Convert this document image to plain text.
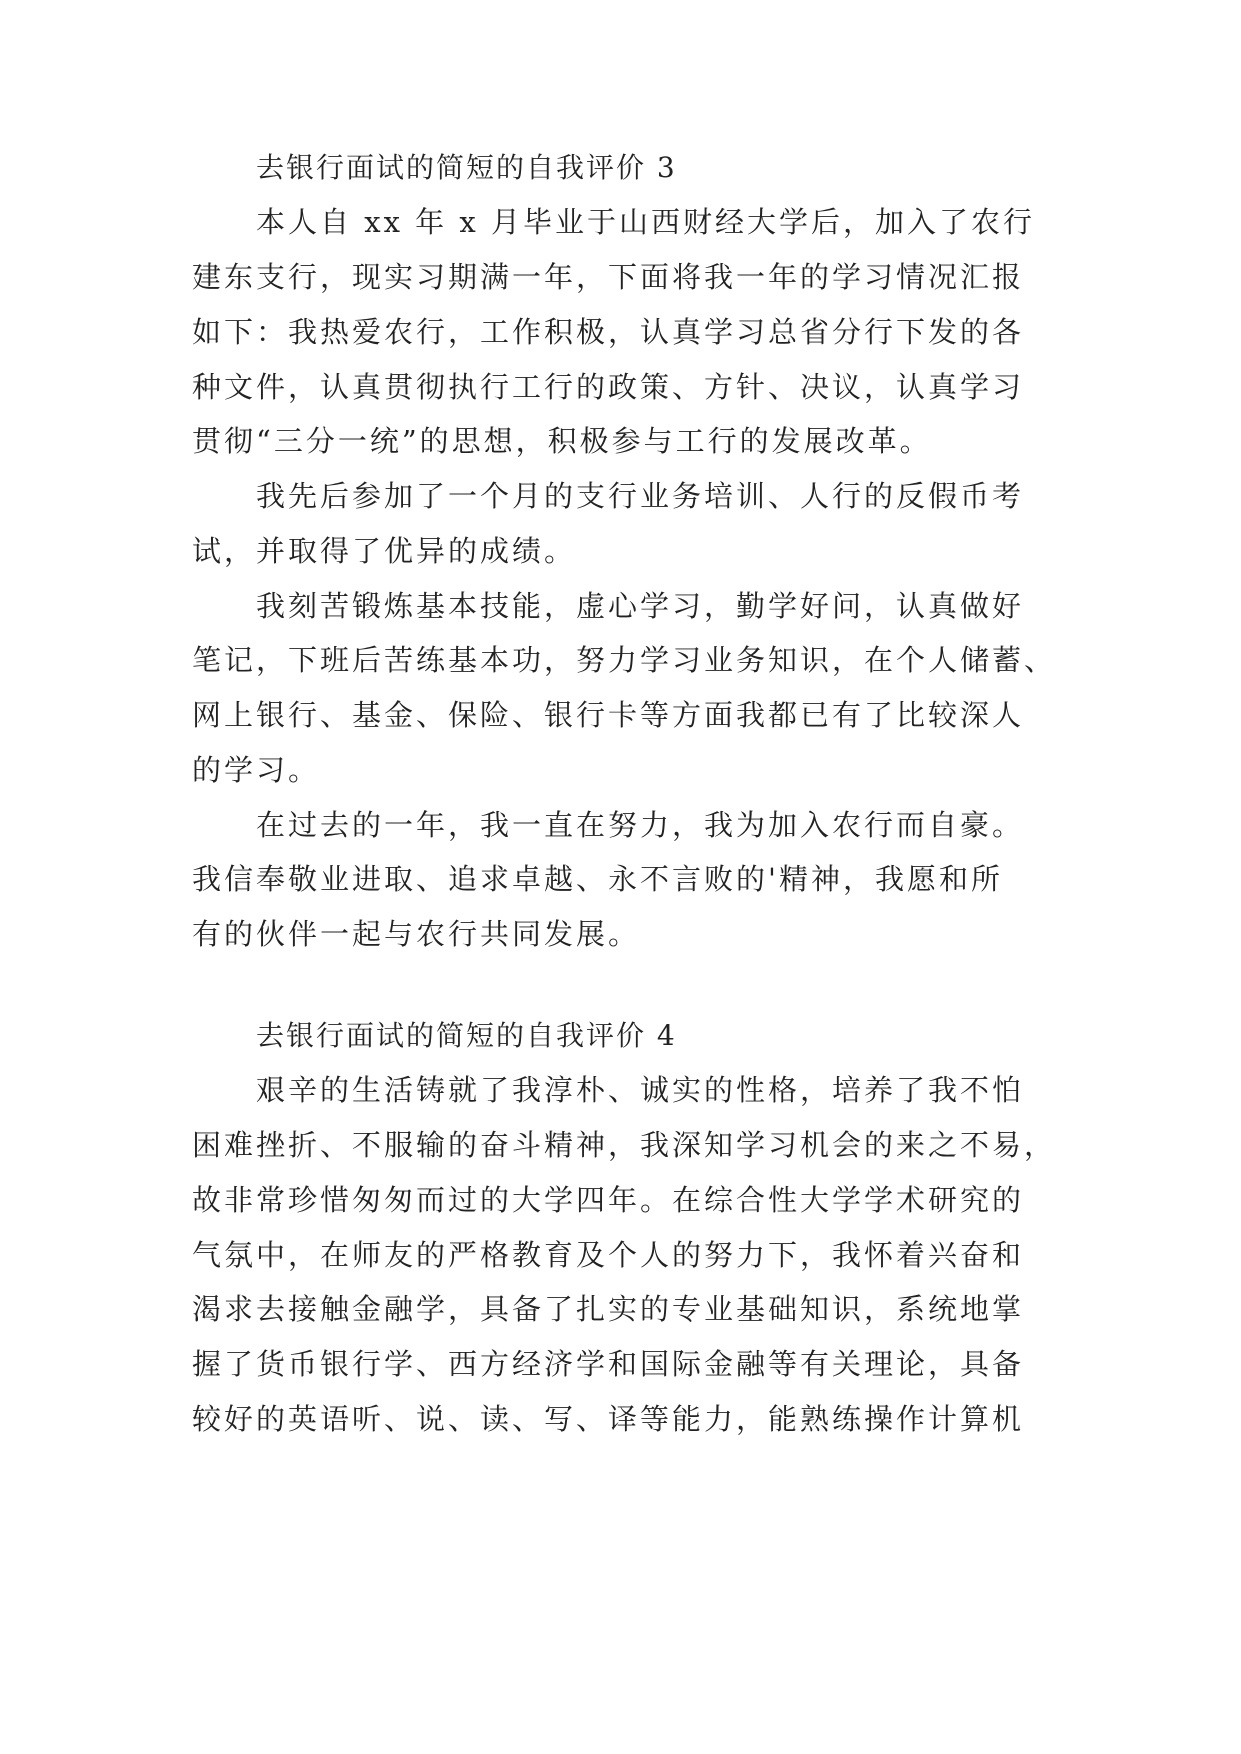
去银行面试的简短的自我评价 3
本人自 xx 年 x 月毕业于山西财经大学后，加入了农行
建东支行，现实习期满一年，下面将我一年的学习情况汇报
如下：我热爱农行，工作积极，认真学习总省分行下发的各
种文件，认真贯彻执行工行的政策、方针、决议，认真学习
贯彻“三分一统”的思想，积极参与工行的发展改革。
我先后参加了一个月的支行业务培训、人行的反假币考
试，并取得了优异的成绩。
我刻苦锻炼基本技能，虚心学习，勤学好问，认真做好
笔记，下班后苦练基本功，努力学习业务知识，在个人储蓄、
网上银行、基金、保险、银行卡等方面我都已有了比较深人
的学习。
在过去的一年，我一直在努力，我为加入农行而自豪。
我信奉敬业进取、追求卓越、永不言败的'精神，我愿和所
有的伙伴一起与农行共同发展。
去银行面试的简短的自我评价 4
艰辛的生活铸就了我淳朴、诚实的性格，培养了我不怕
困难挫折、不服输的奋斗精神，我深知学习机会的来之不易，
故非常珍惜匆匆而过的大学四年。在综合性大学学术研究的
气氛中，在师友的严格教育及个人的努力下，我怀着兴奋和
渴求去接触金融学，具备了扎实的专业基础知识，系统地掌
握了货币银行学、西方经济学和国际金融等有关理论，具备
较好的英语听、说、读、写、译等能力，能熟练操作计算机
